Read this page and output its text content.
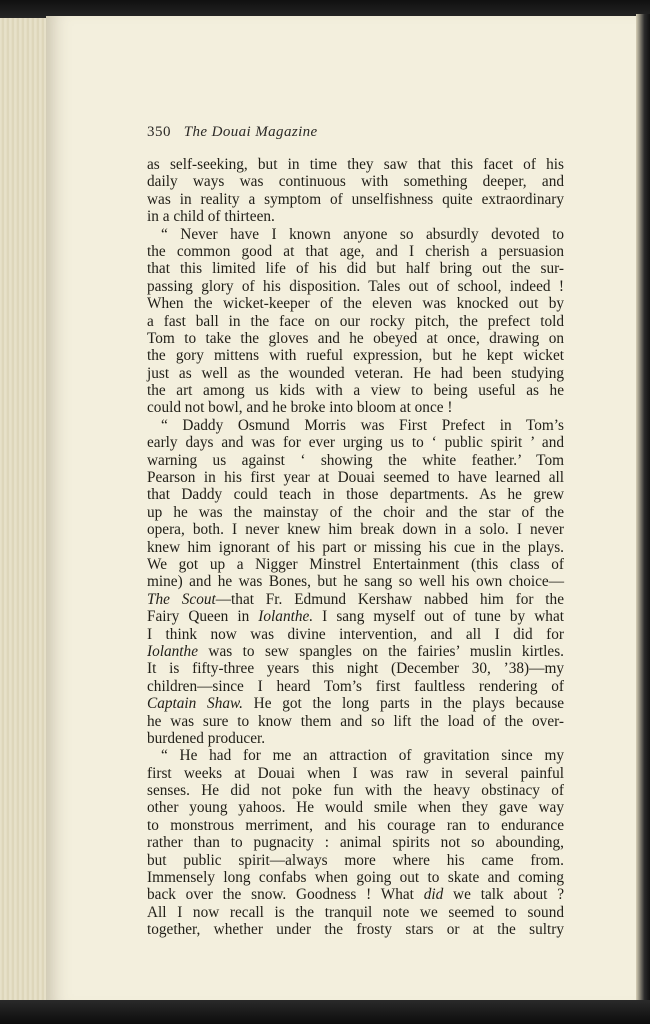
350 The Douai Magazine
as self-seeking, but in time they saw that this facet of his
daily ways was continuous with something deeper, and
was in reality a symptom of unselfishness quite extraordinary
in a child of thirteen.
“ Never have I known anyone so absurdly devoted to
the common good at that age, and I cherish a persuasion
that this limited life of his did but half bring out the sur-
passing glory of his disposition. Tales out of school, indeed !
When the wicket-keeper of the eleven was knocked out by
a fast ball in the face on our rocky pitch, the prefect told
Tom to take the gloves and he obeyed at once, drawing on
the gory mittens with rueful expression, but he kept wicket
just as well as the wounded veteran. He had been studying
the art among us kids with a view to being useful as he
could not bowl, and he broke into bloom at once !
“ Daddy Osmund Morris was First Prefect in Tom’s
early days and was for ever urging us to ‘ public spirit ’ and
warning us against ‘ showing the white feather.’ Tom
Pearson in his first year at Douai seemed to have learned all
that Daddy could teach in those departments. As he grew
up he was the mainstay of the choir and the star of the
opera, both. I never knew him break down in a solo. I never
knew him ignorant of his part or missing his cue in the plays.
We got up a Nigger Minstrel Entertainment (this class of
mine) and he was Bones, but he sang so well his own choice—
The Scout—that Fr. Edmund Kershaw nabbed him for the
Fairy Queen in Iolanthe. I sang myself out of tune by what
I think now was divine intervention, and all I did for
Iolanthe was to sew spangles on the fairies’ muslin kirtles.
It is fifty-three years this night (December 30, ’38)—my
children—since I heard Tom’s first faultless rendering of
Captain Shaw. He got the long parts in the plays because
he was sure to know them and so lift the load of the over-
burdened producer.
“ He had for me an attraction of gravitation since my
first weeks at Douai when I was raw in several painful
senses. He did not poke fun with the heavy obstinacy of
other young yahoos. He would smile when they gave way
to monstrous merriment, and his courage ran to endurance
rather than to pugnacity : animal spirits not so abounding,
but public spirit—always more where his came from.
Immensely long confabs when going out to skate and coming
back over the snow. Goodness ! What did we talk about ?
All I now recall is the tranquil note we seemed to sound
together, whether under the frosty stars or at the sultry
